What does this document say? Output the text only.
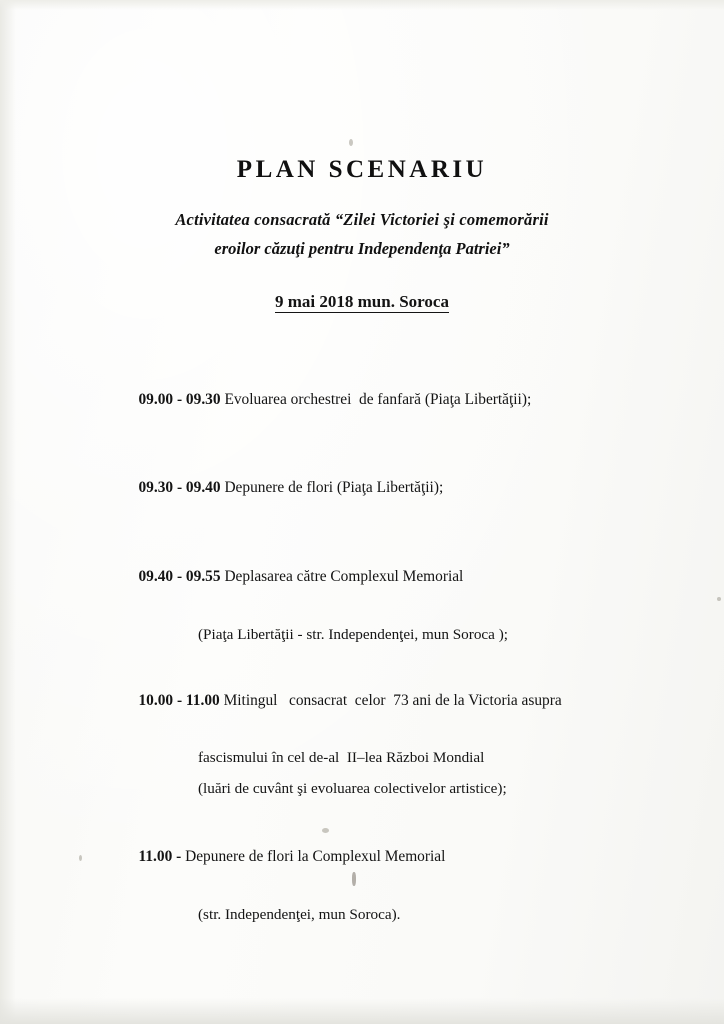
PLAN SCENARIU
Activitatea consacrată “Zilei Victoriei şi comemorării
eroilor căzuţi pentru Independenţa Patriei”
9 mai 2018 mun. Soroca

09.00 - 09.30 Evoluarea orchestrei  de fanfară (Piaţa Libertăţii);

09.30 - 09.40 Depunere de flori (Piaţa Libertăţii);

09.40 - 09.55 Deplasarea către Complexul Memorial

(Piaţa Libertăţii - str. Independenţei, mun Soroca );

10.00 - 11.00 Mitingul   consacrat  celor  73 ani de la Victoria asupra

fascismului în cel de-al  II–lea Război Mondial
(luări de cuvânt şi evoluarea colectivelor artistice);

11.00 - Depunere de flori la Complexul Memorial

(str. Independenţei, mun Soroca).
